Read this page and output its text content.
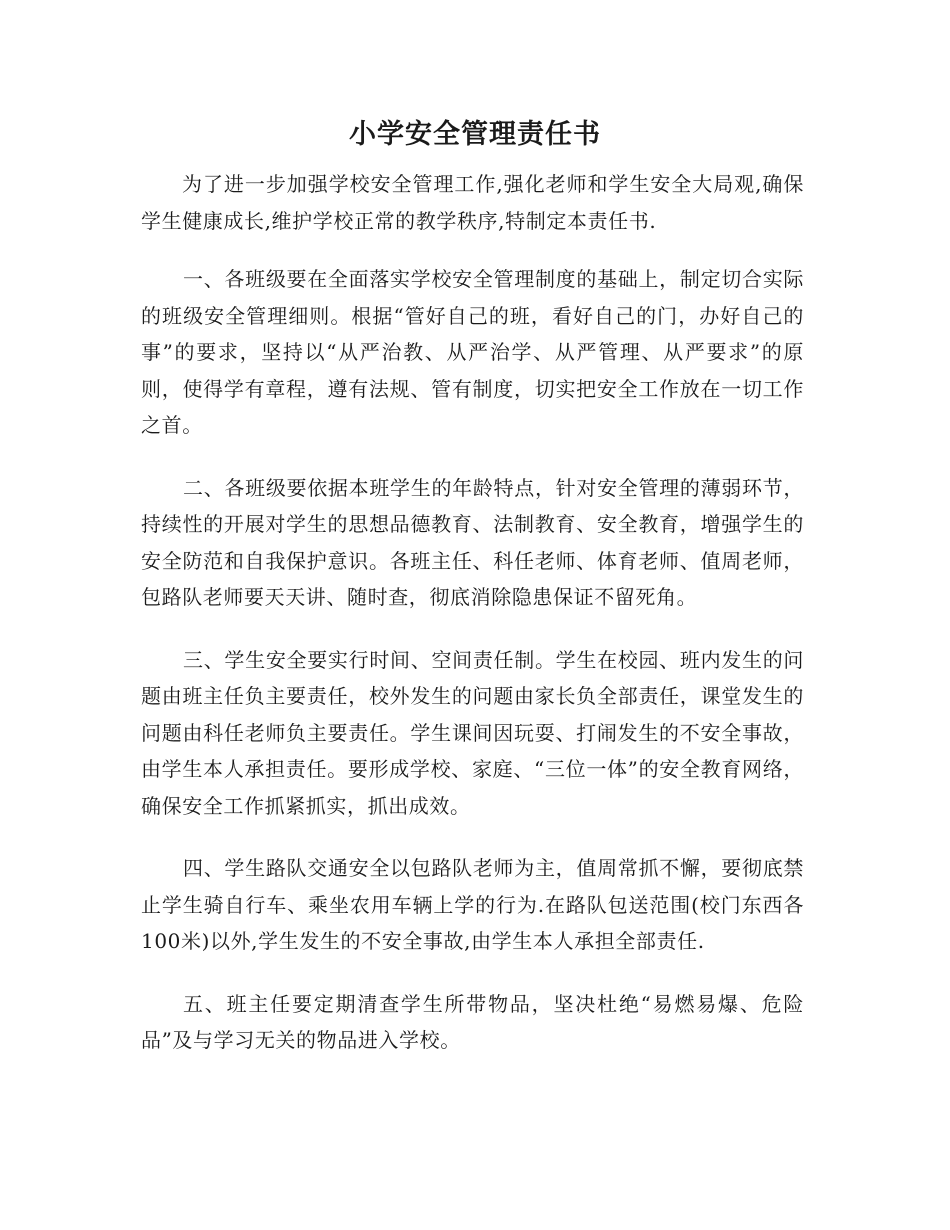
小学安全管理责任书

为了进一步加强学校安全管理工作,强化老师和学生安全大局观,确保学生健康成长,维护学校正常的教学秩序,特制定本责任书.

一、各班级要在全面落实学校安全管理制度的基础上，制定切合实际的班级安全管理细则。根据“管好自己的班，看好自己的门，办好自己的事”的要求，坚持以“从严治教、从严治学、从严管理、从严要求”的原则，使得学有章程，遵有法规、管有制度，切实把安全工作放在一切工作之首。

二、各班级要依据本班学生的年龄特点，针对安全管理的薄弱环节，持续性的开展对学生的思想品德教育、法制教育、安全教育，增强学生的安全防范和自我保护意识。各班主任、科任老师、体育老师、值周老师，包路队老师要天天讲、随时查，彻底消除隐患保证不留死角。

三、学生安全要实行时间、空间责任制。学生在校园、班内发生的问题由班主任负主要责任，校外发生的问题由家长负全部责任，课堂发生的问题由科任老师负主要责任。学生课间因玩耍、打闹发生的不安全事故，由学生本人承担责任。要形成学校、家庭、“三位一体”的安全教育网络，确保安全工作抓紧抓实，抓出成效。

四、学生路队交通安全以包路队老师为主，值周常抓不懈，要彻底禁止学生骑自行车、乘坐农用车辆上学的行为.在路队包送范围(校门东西各100米)以外,学生发生的不安全事故,由学生本人承担全部责任.

五、班主任要定期清查学生所带物品，坚决杜绝“易燃易爆、危险品”及与学习无关的物品进入学校。
